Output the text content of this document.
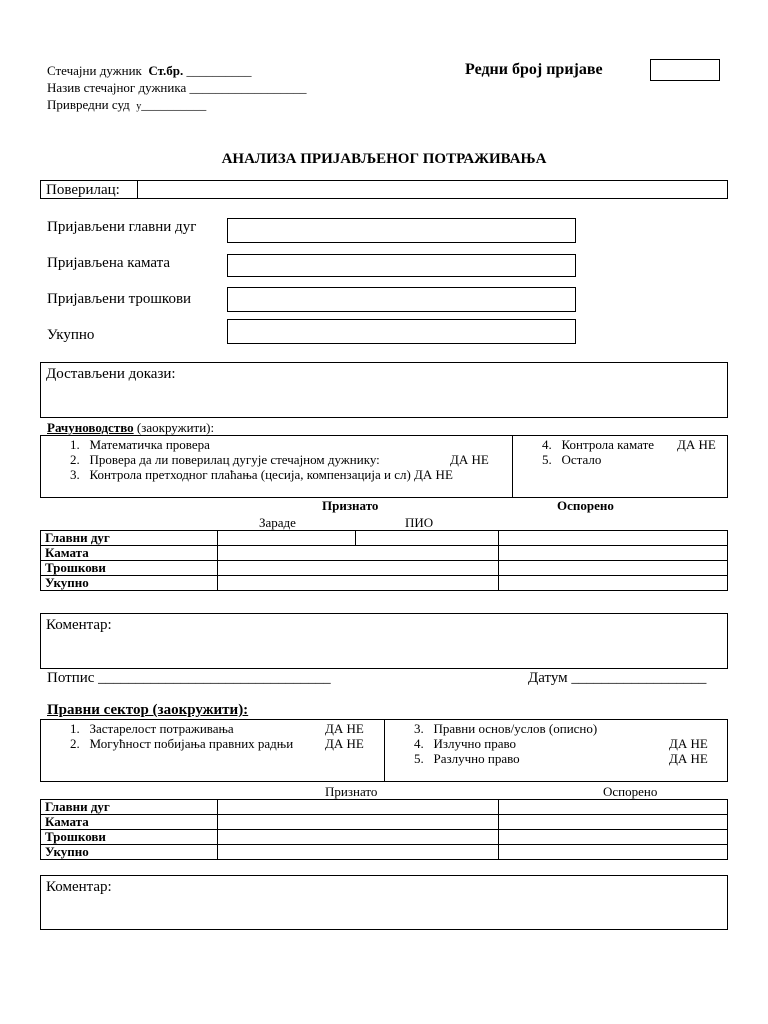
Стечајни дужник Ст.бр. __________
Назив стечајног дужника __________________
Привредни суд у__________
Редни број пријаве
АНАЛИЗА ПРИЈАВЉЕНОГ ПОТРАЖИВАЊА
Поверилац:
Пријављени главни дуг
Пријављена камата
Пријављени трошкови
Укупно
Достављени докази:
Рачуноводство (заокружити):
1. Математичка провера
2. Провера да ли поверилац дугује стечајном дужнику:	ДА НЕ
3. Контрола претходног плаћања (цесија, компензација и сл) ДА НЕ
4. Контрола камате ДА НЕ
5. Остало
Признато	Оспорено
Зараде	ПИО
Главни дуг			
Камата			
Трошкови			
Укупно			
Коментар:
Потпис _______________________________	Датум __________________
Правни сектор (заокружити):
1. Застарелост потраживања	ДА НЕ
2. Могућност побијања правних радњи ДА НЕ
3. Правни основ/услов (описно)
4. Излучно право	ДА НЕ
5. Разлучно право	ДА НЕ
Признато	Оспорено
Главни дуг		
Камата		
Трошкови		
Укупно		
Коментар:
